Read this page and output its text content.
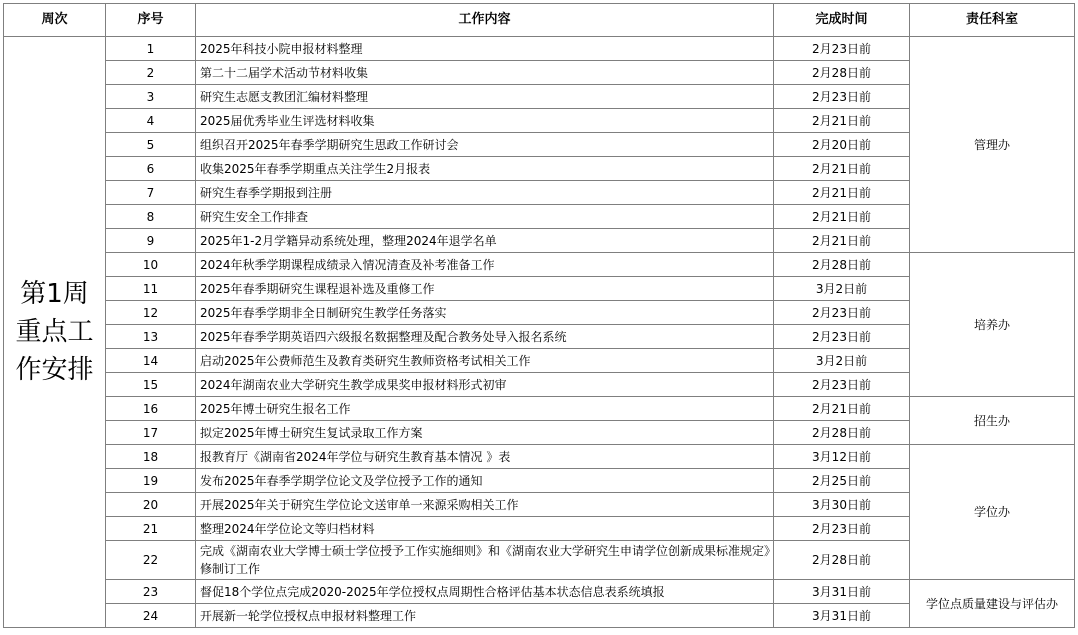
周次	序号	工作内容	完成时间	责任科室
第1周重点工作安排	1	2025年科技小院申报材料整理	2月23日前	管理办
	2	第二十二届学术活动节材料收集	2月28日前	
	3	研究生志愿支教团汇编材料整理	2月23日前	
	4	2025届优秀毕业生评选材料收集	2月21日前	
	5	组织召开2025年春季学期研究生思政工作研讨会	2月20日前	
	6	收集2025年春季学期重点关注学生2月报表	2月21日前	
	7	研究生春季学期报到注册	2月21日前	
	8	研究生安全工作排查	2月21日前	
	9	2025年1-2月学籍异动系统处理，整理2024年退学名单	2月21日前	
	10	2024年秋季学期课程成绩录入情况清查及补考准备工作	2月28日前	培养办
	11	2025年春季期研究生课程退补选及重修工作	3月2日前	
	12	2025年春季学期非全日制研究生教学任务落实	2月23日前	
	13	2025年春季学期英语四六级报名数据整理及配合教务处导入报名系统	2月23日前	
	14	启动2025年公费师范生及教育类研究生教师资格考试相关工作	3月2日前	
	15	2024年湖南农业大学研究生教学成果奖申报材料形式初审	2月23日前	
	16	2025年博士研究生报名工作	2月21日前	招生办
	17	拟定2025年博士研究生复试录取工作方案	2月28日前	
	18	报教育厅《湖南省2024年学位与研究生教育基本情况 》表	3月12日前	学位办
	19	发布2025年春季学期学位论文及学位授予工作的通知	2月25日前	
	20	开展2025年关于研究生学位论文送审单一来源采购相关工作	3月30日前	
	21	整理2024年学位论文等归档材料	2月23日前	
	22	完成《湖南农业大学博士硕士学位授予工作实施细则》和《湖南农业大学研究生申请学位创新成果标准规定》修制订工作	2月28日前	
	23	督促18个学位点完成2020-2025年学位授权点周期性合格评估基本状态信息表系统填报	3月31日前	学位点质量建设与评估办
	24	开展新一轮学位授权点申报材料整理工作	3月31日前	
